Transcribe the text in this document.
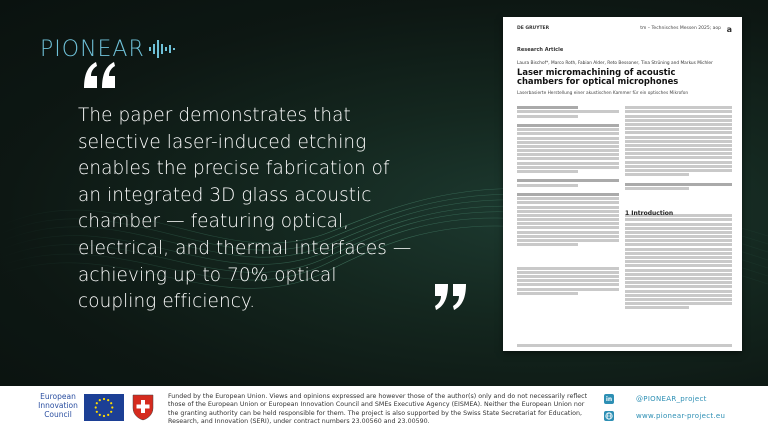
PIONEAR
The paper demonstrates that selective laser-induced etching enables the precise fabrication of an integrated 3D glass acoustic chamber — featuring optical, electrical, and thermal interfaces — achieving up to 70% optical coupling efficiency.
DE GRUYTER	tm – Technisches Messen 2025; aop a
Research Article
Laura Bischof*, Marco Roth, Fabian Alder, Reto Bessoner, Tina Strüning and Markus Michler
Laser micromachining of acoustic chambers for optical microphones
Laserbasierte Herstellung einer akustischen Kammer für ein optisches Mikrofon
1 Introduction
European Innovation Council
Funded by the European Union. Views and opinions expressed are however those of the author(s) only and do not necessarily reflect those of the European Union or European Innovation Council and SMEs Executive Agency (EISMEA). Neither the European Union nor the granting authority can be held responsible for them. The project is also supported by the Swiss State Secretariat for Education, Research, and Innovation (SERI), under contract numbers 23.00560 and 23.00590.
in	@PIONEAR_project
www.pionear-project.eu
